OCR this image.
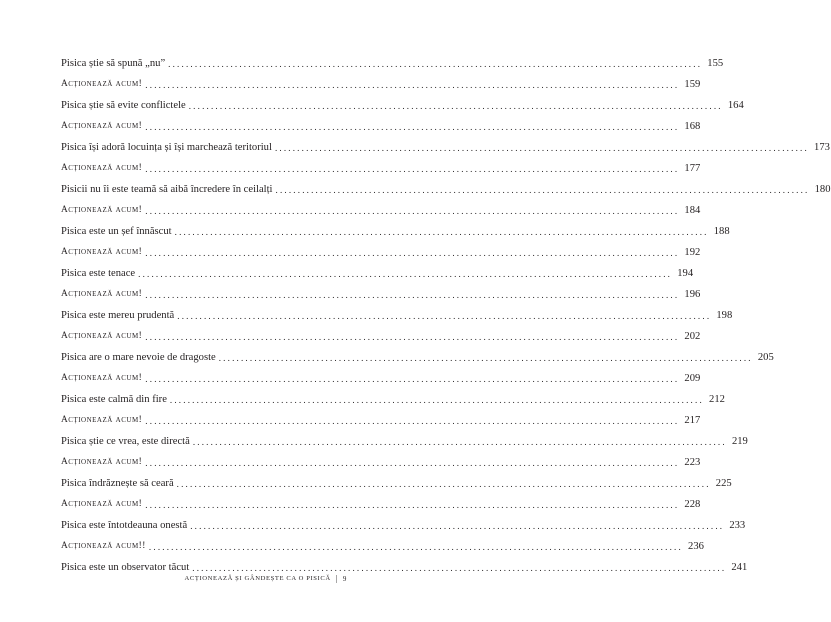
Pisica știe să spună „nu” ........................................................................................................................ 155
Acționează acum! ........................................................................................................................ 159
Pisica știe să evite conflictele ........................................................................................................................ 164
Acționează acum! ........................................................................................................................ 168
Pisica își adoră locuința și își marchează teritoriul ........................................................................................................................ 173
Acționează acum! ........................................................................................................................ 177
Pisicii nu îi este teamă să aibă încredere în ceilalți ........................................................................................................................ 180
Acționează acum! ........................................................................................................................ 184
Pisica este un șef înnăscut ........................................................................................................................ 188
Acționează acum! ........................................................................................................................ 192
Pisica este tenace ........................................................................................................................ 194
Acționează acum! ........................................................................................................................ 196
Pisica este mereu prudentă ........................................................................................................................ 198
Acționează acum! ........................................................................................................................ 202
Pisica are o mare nevoie de dragoste ........................................................................................................................ 205
Acționează acum! ........................................................................................................................ 209
Pisica este calmă din fire ........................................................................................................................ 212
Acționează acum! ........................................................................................................................ 217
Pisica știe ce vrea, este directă ........................................................................................................................ 219
Acționează acum! ........................................................................................................................ 223
Pisica îndrăznește să ceară ........................................................................................................................ 225
Acționează acum! ........................................................................................................................ 228
Pisica este întotdeauna onestă ........................................................................................................................ 233
Acționează acum!! ........................................................................................................................ 236
Pisica este un observator tăcut ........................................................................................................................ 241
ACȚIONEAZĂ ȘI GÂNDEȘTE CA O PISICĂ | 9
